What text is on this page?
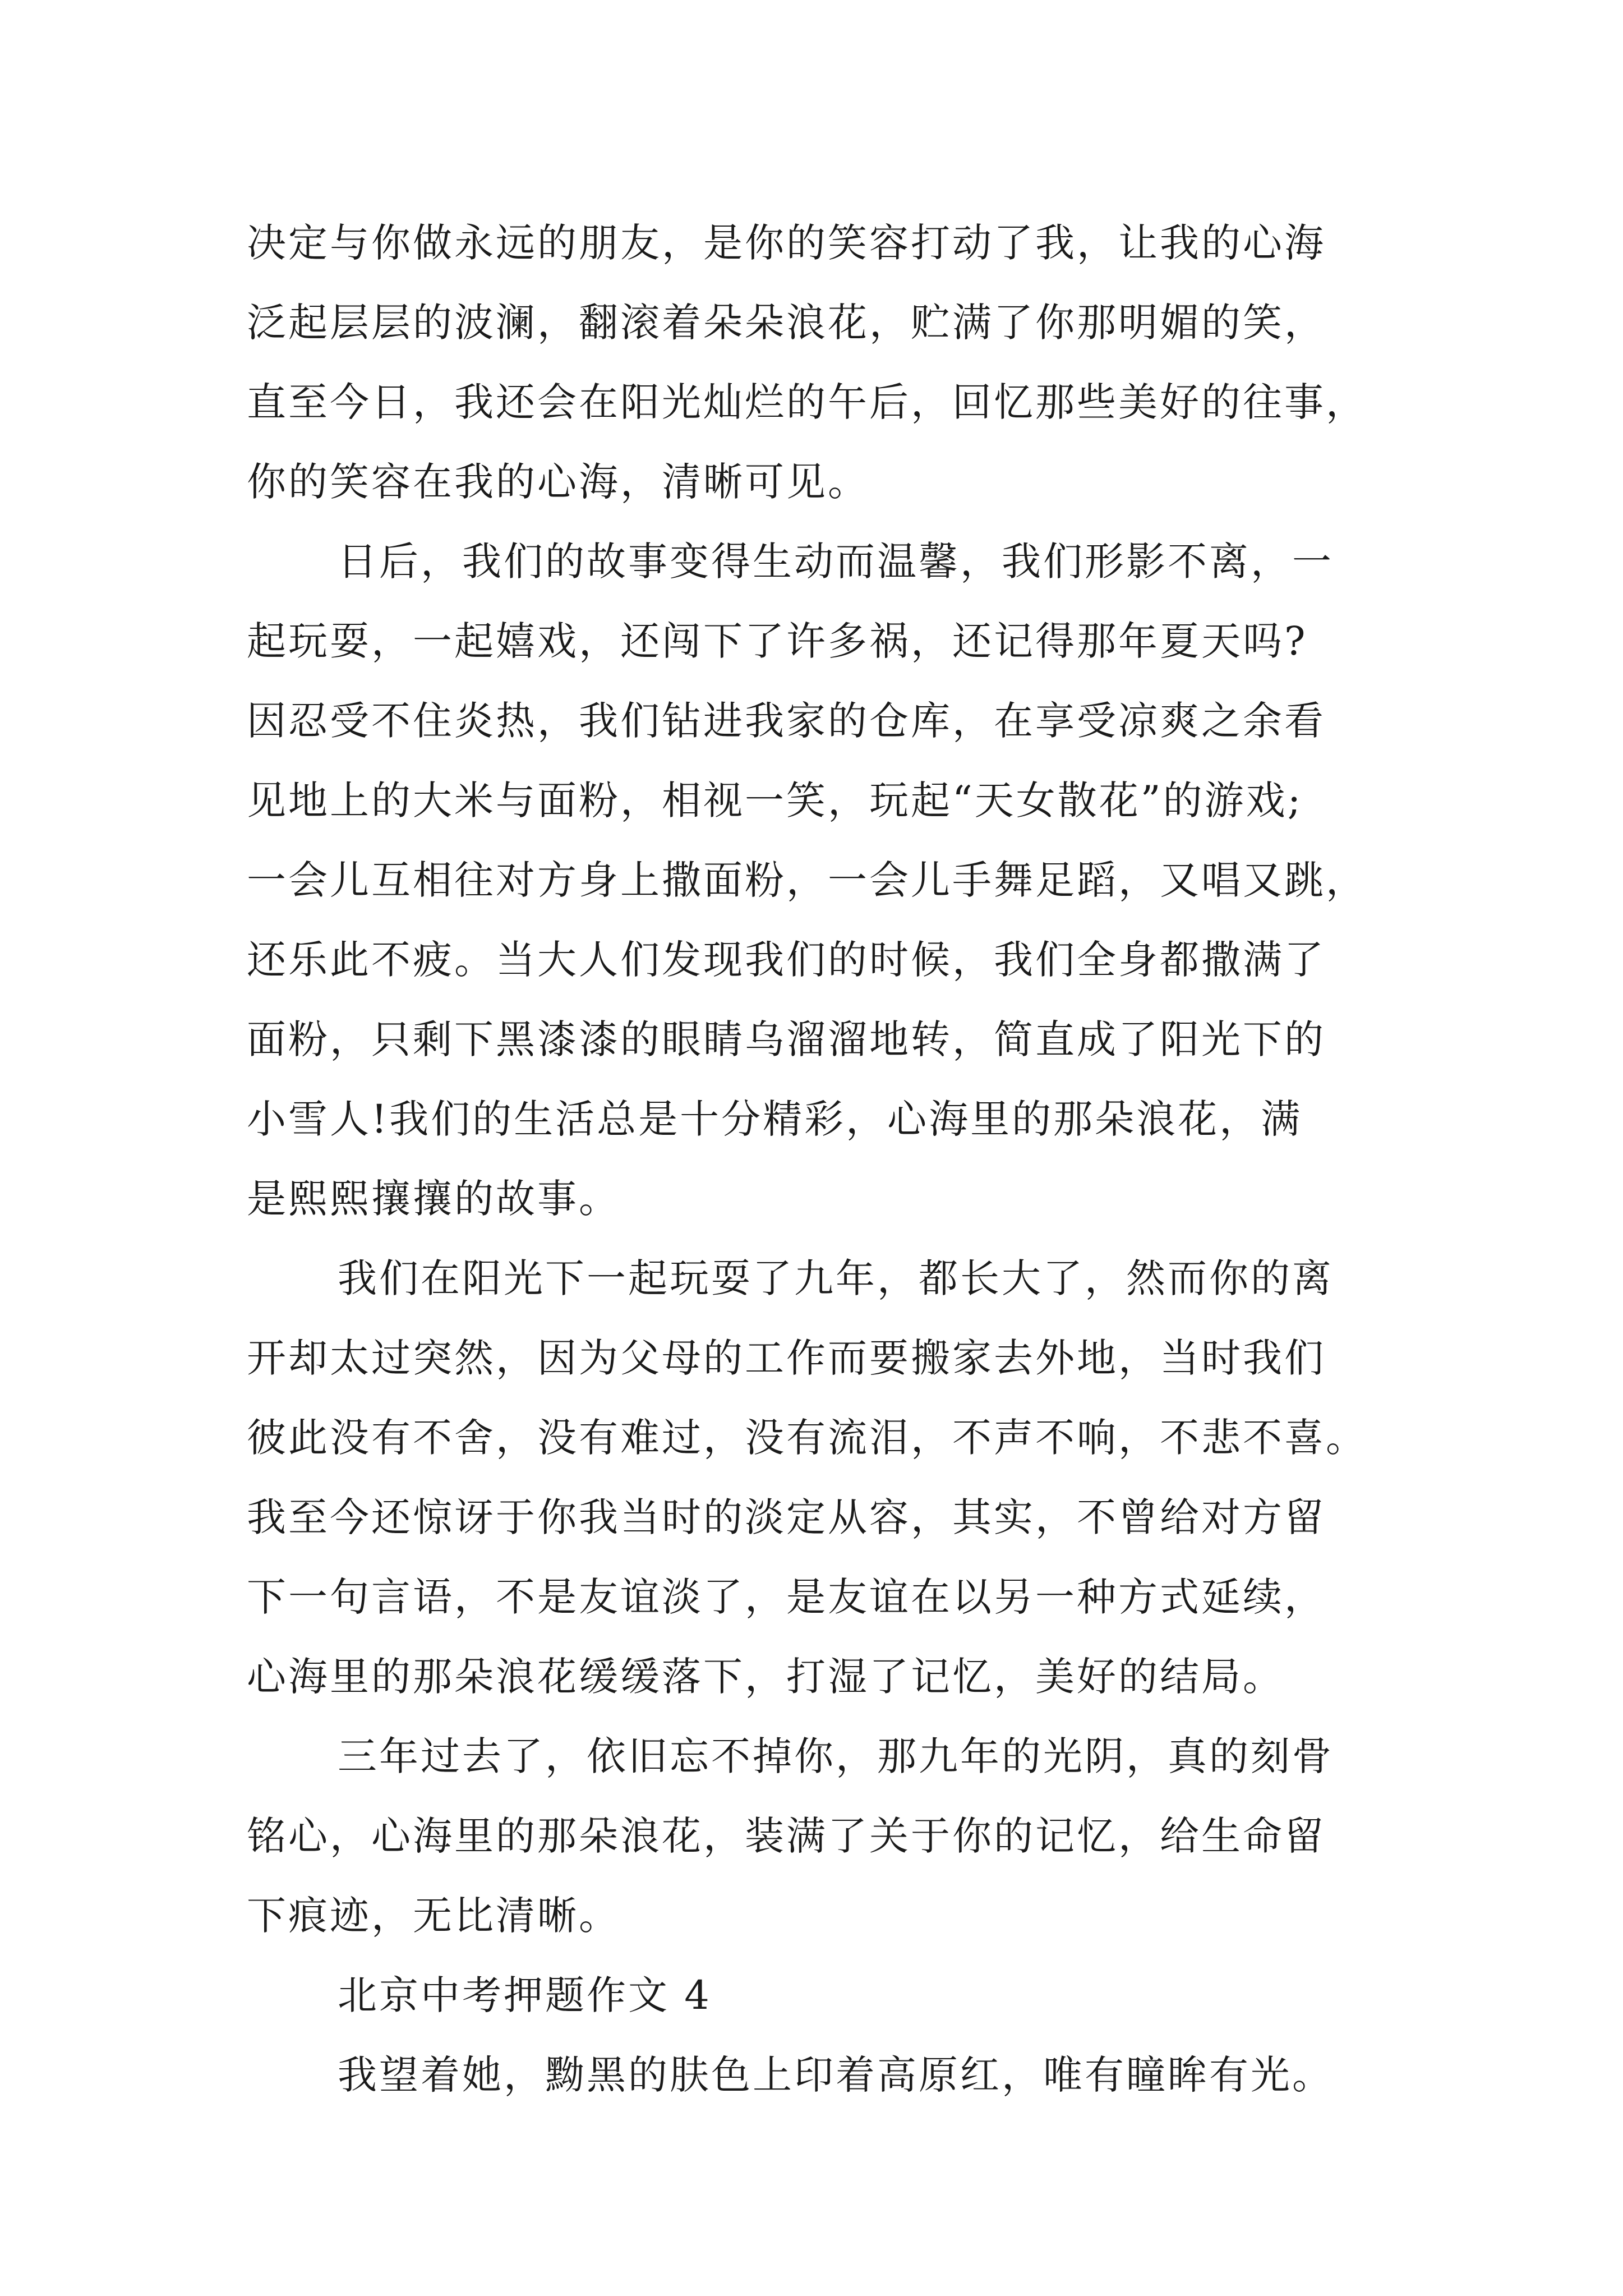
决定与你做永远的朋友，是你的笑容打动了我，让我的心海
泛起层层的波澜，翻滚着朵朵浪花，贮满了你那明媚的笑，
直至今日，我还会在阳光灿烂的午后，回忆那些美好的往事，
你的笑容在我的心海，清晰可见。
日后，我们的故事变得生动而温馨，我们形影不离，一
起玩耍，一起嬉戏，还闯下了许多祸，还记得那年夏天吗?
因忍受不住炎热，我们钻进我家的仓库，在享受凉爽之余看
见地上的大米与面粉，相视一笑，玩起“天女散花”的游戏;
一会儿互相往对方身上撒面粉，一会儿手舞足蹈，又唱又跳，
还乐此不疲。当大人们发现我们的时候，我们全身都撒满了
面粉，只剩下黑漆漆的眼睛乌溜溜地转，简直成了阳光下的
小雪人!我们的生活总是十分精彩，心海里的那朵浪花，满
是熙熙攘攘的故事。
我们在阳光下一起玩耍了九年，都长大了，然而你的离
开却太过突然，因为父母的工作而要搬家去外地，当时我们
彼此没有不舍，没有难过，没有流泪，不声不响，不悲不喜。
我至今还惊讶于你我当时的淡定从容，其实，不曾给对方留
下一句言语，不是友谊淡了，是友谊在以另一种方式延续，
心海里的那朵浪花缓缓落下，打湿了记忆，美好的结局。
三年过去了，依旧忘不掉你，那九年的光阴，真的刻骨
铭心，心海里的那朵浪花，装满了关于你的记忆，给生命留
下痕迹，无比清晰。
北京中考押题作文 4
我望着她，黝黑的肤色上印着高原红，唯有瞳眸有光。
